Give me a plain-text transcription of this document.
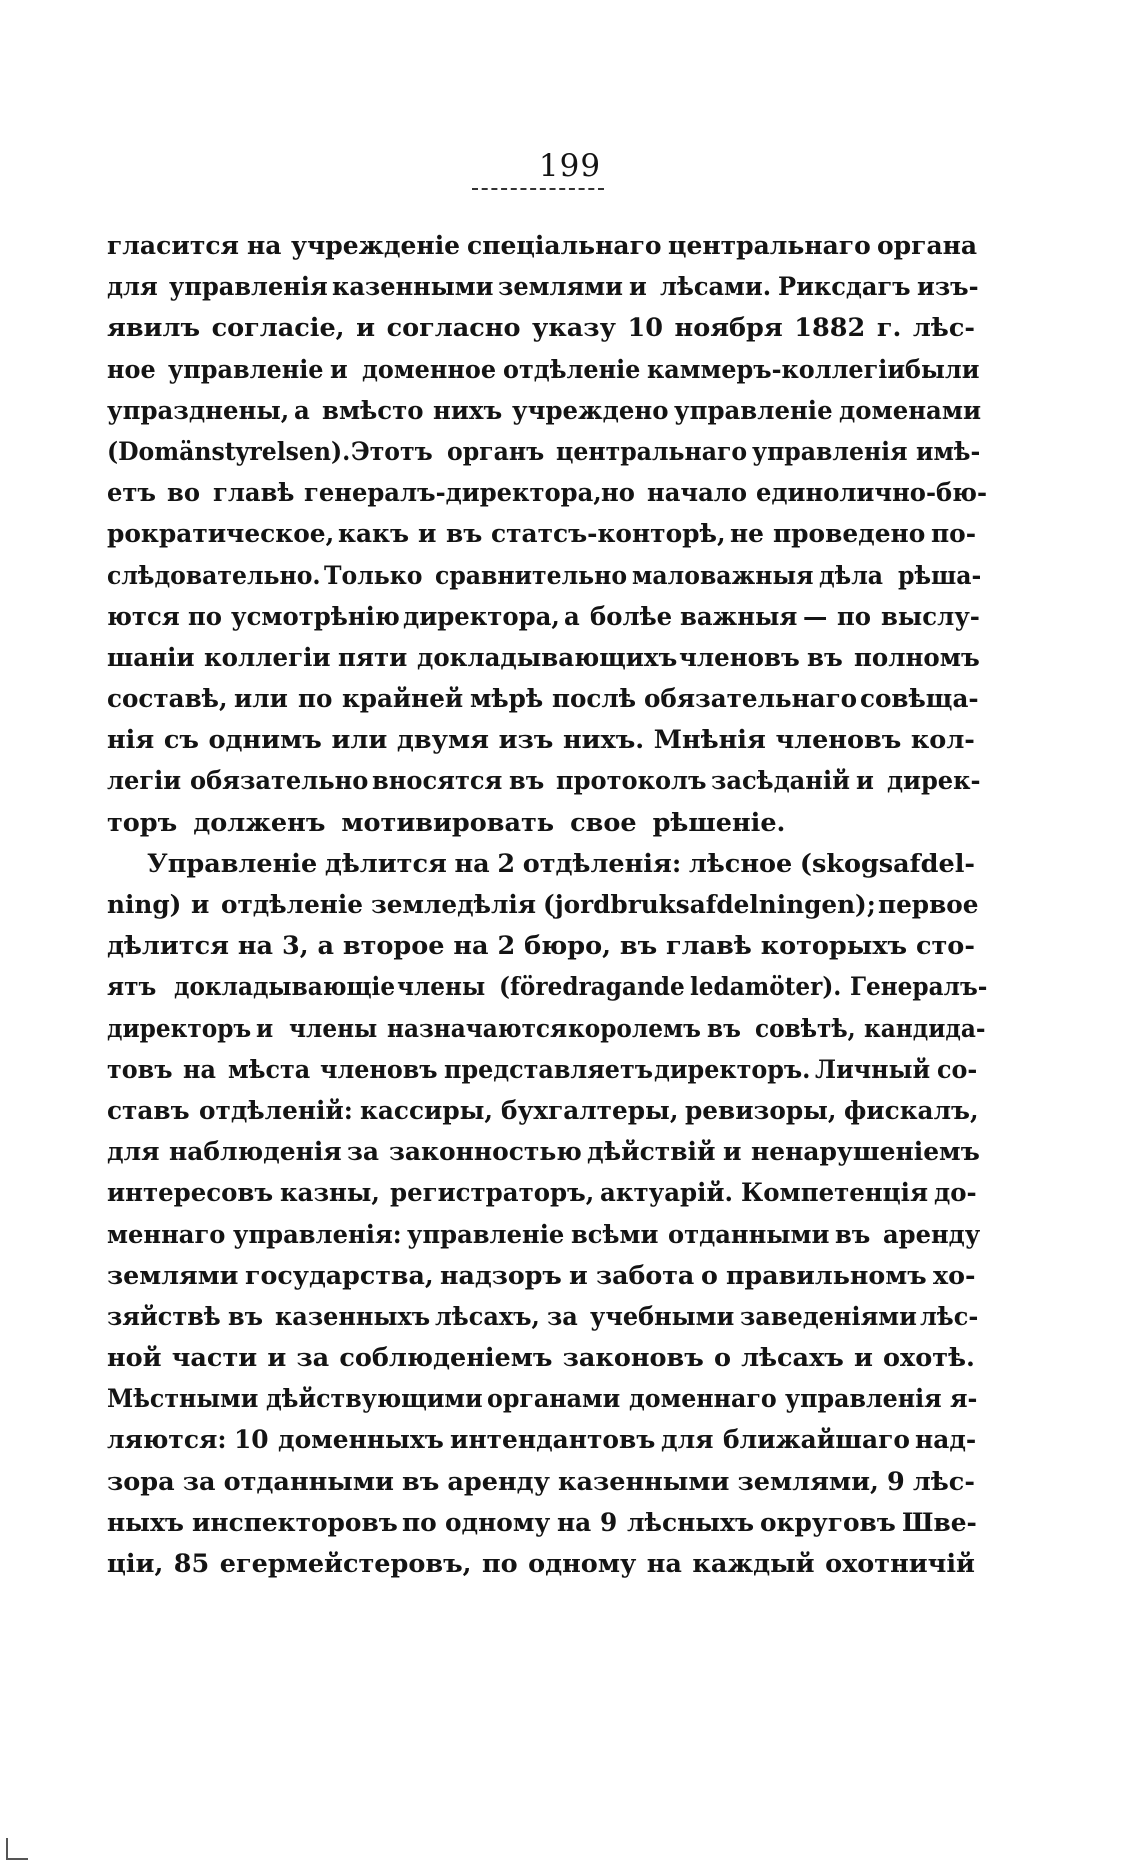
199
гласится на учрежденіе спеціальнаго центральнаго органа
для управленія казенными землями и лѣсами. Риксдагъ изъ-
явилъ согласіе, и согласно указу 10 ноября 1882 г. лѣс-
ное управленіе и доменное отдѣленіе каммеръ-коллегіи были
упразднены, а вмѣсто нихъ учреждено управленіе доменами
(Domänstyrelsen). Этотъ органъ центральнаго управленія имѣ-
етъ во главѣ генералъ-директора,
но начало единолично-бю-
рократическое, какъ и въ статсъ-конторѣ, не проведено по-
слѣдовательно. Только сравнительно маловажныя дѣла рѣша-
ются по усмотрѣнію директора, а болѣе важныя — по выслу-
шаніи коллегіи пяти докладывающихъ членовъ въ полномъ
составѣ, или по крайней мѣрѣ послѣ обязательнаго совѣща-
нія съ однимъ или двумя изъ нихъ. Мнѣнія членовъ кол-
легіи обязательно вносятся въ протоколъ засѣданій и дирек-
торъ долженъ мотивировать свое рѣшеніе.
Управленіе дѣлится на 2 отдѣленія: лѣсное (skogsafdel-
ning) и отдѣленіе земледѣлія (jordbruksafdelningen); первое
дѣлится на 3, а второе на 2 бюро, въ главѣ которыхъ сто-
ятъ докладывающіе члены (föredragande ledamöter). Генералъ-
директоръ и члены назначаются королемъ въ совѣтѣ, кандида-
товъ на мѣста членовъ представляетъ директоръ. Личный со-
ставъ отдѣленій: кассиры, бухгалтеры, ревизоры, фискалъ,
для наблюденія за законностью дѣйствій и ненарушеніемъ
интересовъ казны, регистраторъ, актуарій. Компетенція до-
меннаго управленія: управленіе всѣми отданными въ аренду
землями государства, надзоръ и забота о правильномъ хо-
зяйствѣ въ казенныхъ лѣсахъ, за учебными заведеніями лѣс-
ной части и за соблюденіемъ законовъ о лѣсахъ и охотѣ.
Мѣстными дѣйствующими органами доменнаго управленія я-
ляются: 10 доменныхъ интендантовъ для ближайшаго над-
зора за отданными въ аренду казенными землями, 9 лѣс-
ныхъ инспекторовъ по одному на 9 лѣсныхъ округовъ Шве-
ціи, 85 егермейстеровъ, по одному на каждый охотничій
